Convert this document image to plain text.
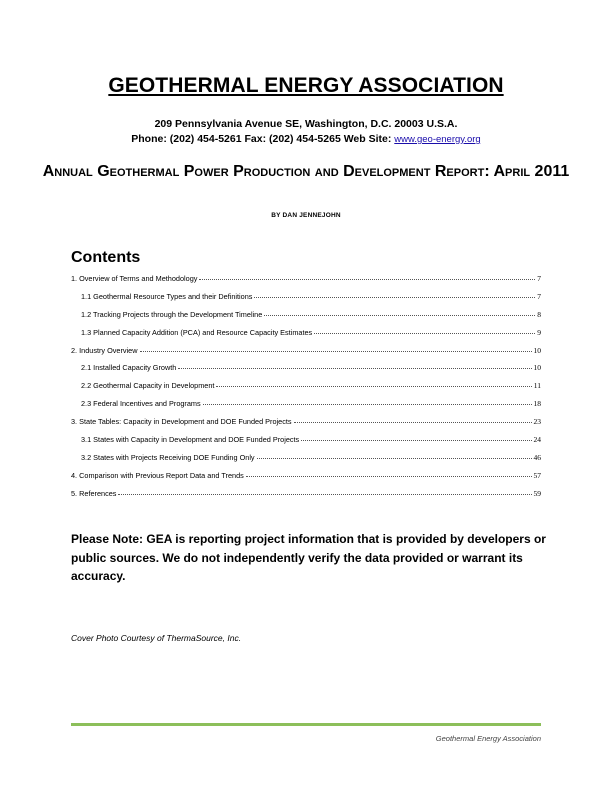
GEOTHERMAL ENERGY ASSOCIATION
209 Pennsylvania Avenue SE, Washington, D.C. 20003 U.S.A.
Phone: (202) 454-5261 Fax: (202) 454-5265 Web Site: www.geo-energy.org
Annual Geothermal Power Production and Development Report: April 2011
BY DAN JENNEJOHN
Contents
1. Overview of Terms and Methodology	7
1.1 Geothermal Resource Types and their Definitions	7
1.2 Tracking Projects through the Development Timeline	8
1.3 Planned Capacity Addition (PCA) and Resource Capacity Estimates	9
2. Industry Overview	10
2.1 Installed Capacity Growth	10
2.2 Geothermal Capacity in Development	11
2.3 Federal Incentives and Programs	18
3. State Tables: Capacity in Development and DOE Funded Projects	23
3.1 States with Capacity in Development and DOE Funded Projects	24
3.2 States with Projects Receiving DOE Funding Only	46
4. Comparison with Previous Report Data and Trends	57
5. References	59
Please Note: GEA is reporting project information that is provided by developers or public sources. We do not independently verify the data provided or warrant its accuracy.
Cover Photo Courtesy of ThermaSource, Inc.
Geothermal Energy Association
